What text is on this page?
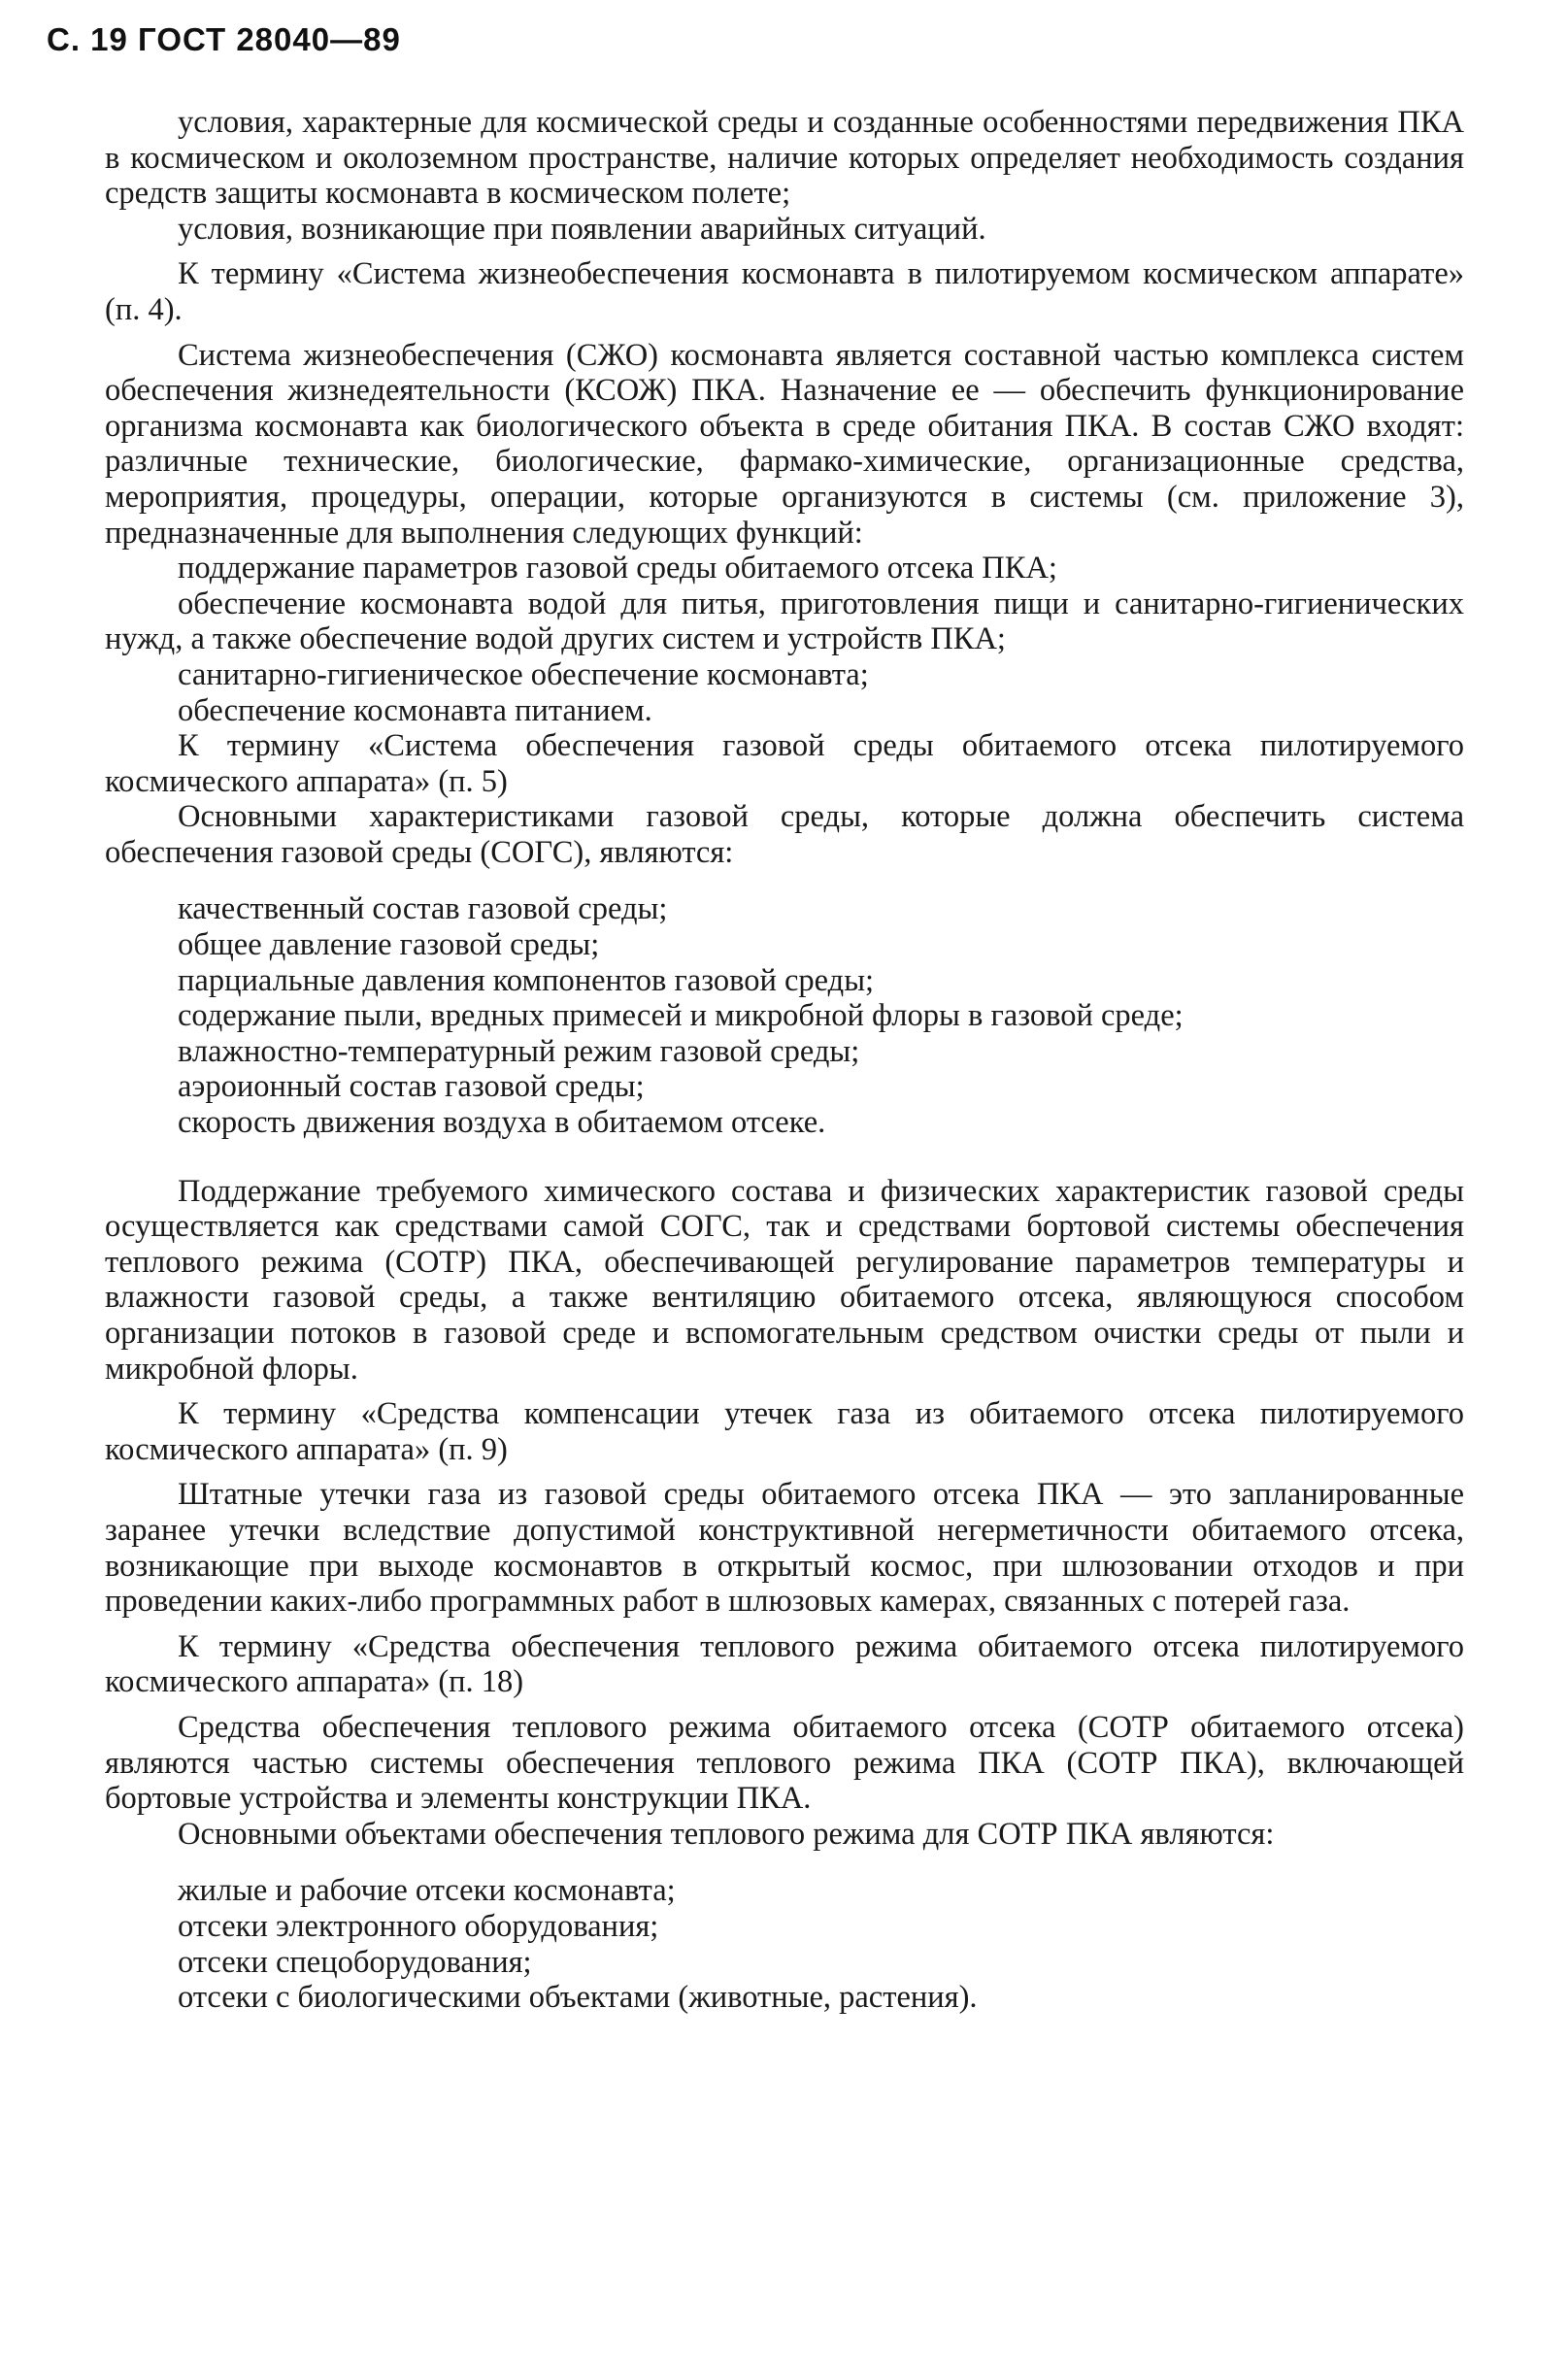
С. 19 ГОСТ 28040—89

условия, характерные для космической среды и созданные особенностями передвижения ПКА в космическом и околоземном пространстве, наличие которых определяет необходимость создания средств защиты космонавта в космическом полете;

условия, возникающие при появлении аварийных ситуаций.

К термину «Система жизнеобеспечения космонавта в пилотируемом космическом аппарате» (п. 4).

Система жизнеобеспечения (СЖО) космонавта является составной частью комплекса систем обеспечения жизнедеятельности (КСОЖ) ПКА. Назначение ее — обеспечить функционирование организма космонавта как биологического объекта в среде обитания ПКА. В состав СЖО входят: различные технические, биологические, фармако-химические, организационные средства, мероприятия, процедуры, операции, которые организуются в системы (см. приложение 3), предназначенные для выполнения следующих функций:

поддержание параметров газовой среды обитаемого отсека ПКА;

обеспечение космонавта водой для питья, приготовления пищи и санитарно-гигиенических нужд, а также обеспечение водой других систем и устройств ПКА;

санитарно-гигиеническое обеспечение космонавта;

обеспечение космонавта питанием.

К термину «Система обеспечения газовой среды обитаемого отсека пилотируемого космического аппарата» (п. 5)

Основными характеристиками газовой среды, которые должна обеспечить система обеспечения газовой среды (СОГС), являются:

качественный состав газовой среды;

общее давление газовой среды;

парциальные давления компонентов газовой среды;

содержание пыли, вредных примесей и микробной флоры в газовой среде;

влажностно-температурный режим газовой среды;

аэроионный состав газовой среды;

скорость движения воздуха в обитаемом отсеке.

Поддержание требуемого химического состава и физических характеристик газовой среды осуществляется как средствами самой СОГС, так и средствами бортовой системы обеспечения теплового режима (СОТР) ПКА, обеспечивающей регулирование параметров температуры и влажности газовой среды, а также вентиляцию обитаемого отсека, являющуюся способом организации потоков в газовой среде и вспомогательным средством очистки среды от пыли и микробной флоры.

К термину «Средства компенсации утечек газа из обитаемого отсека пилотируемого космического аппарата» (п. 9)

Штатные утечки газа из газовой среды обитаемого отсека ПКА — это запланированные заранее утечки вследствие допустимой конструктивной негерметичности обитаемого отсека, возникающие при выходе космонавтов в открытый космос, при шлюзовании отходов и при проведении каких-либо программных работ в шлюзовых камерах, связанных с потерей газа.

К термину «Средства обеспечения теплового режима обитаемого отсека пилотируемого космического аппарата» (п. 18)

Средства обеспечения теплового режима обитаемого отсека (СОТР обитаемого отсека) являются частью системы обеспечения теплового режима ПКА (СОТР ПКА), включающей бортовые устройства и элементы конструкции ПКА.

Основными объектами обеспечения теплового режима для СОТР ПКА являются:

жилые и рабочие отсеки космонавта;

отсеки электронного оборудования;

отсеки спецоборудования;

отсеки с биологическими объектами (животные, растения).
